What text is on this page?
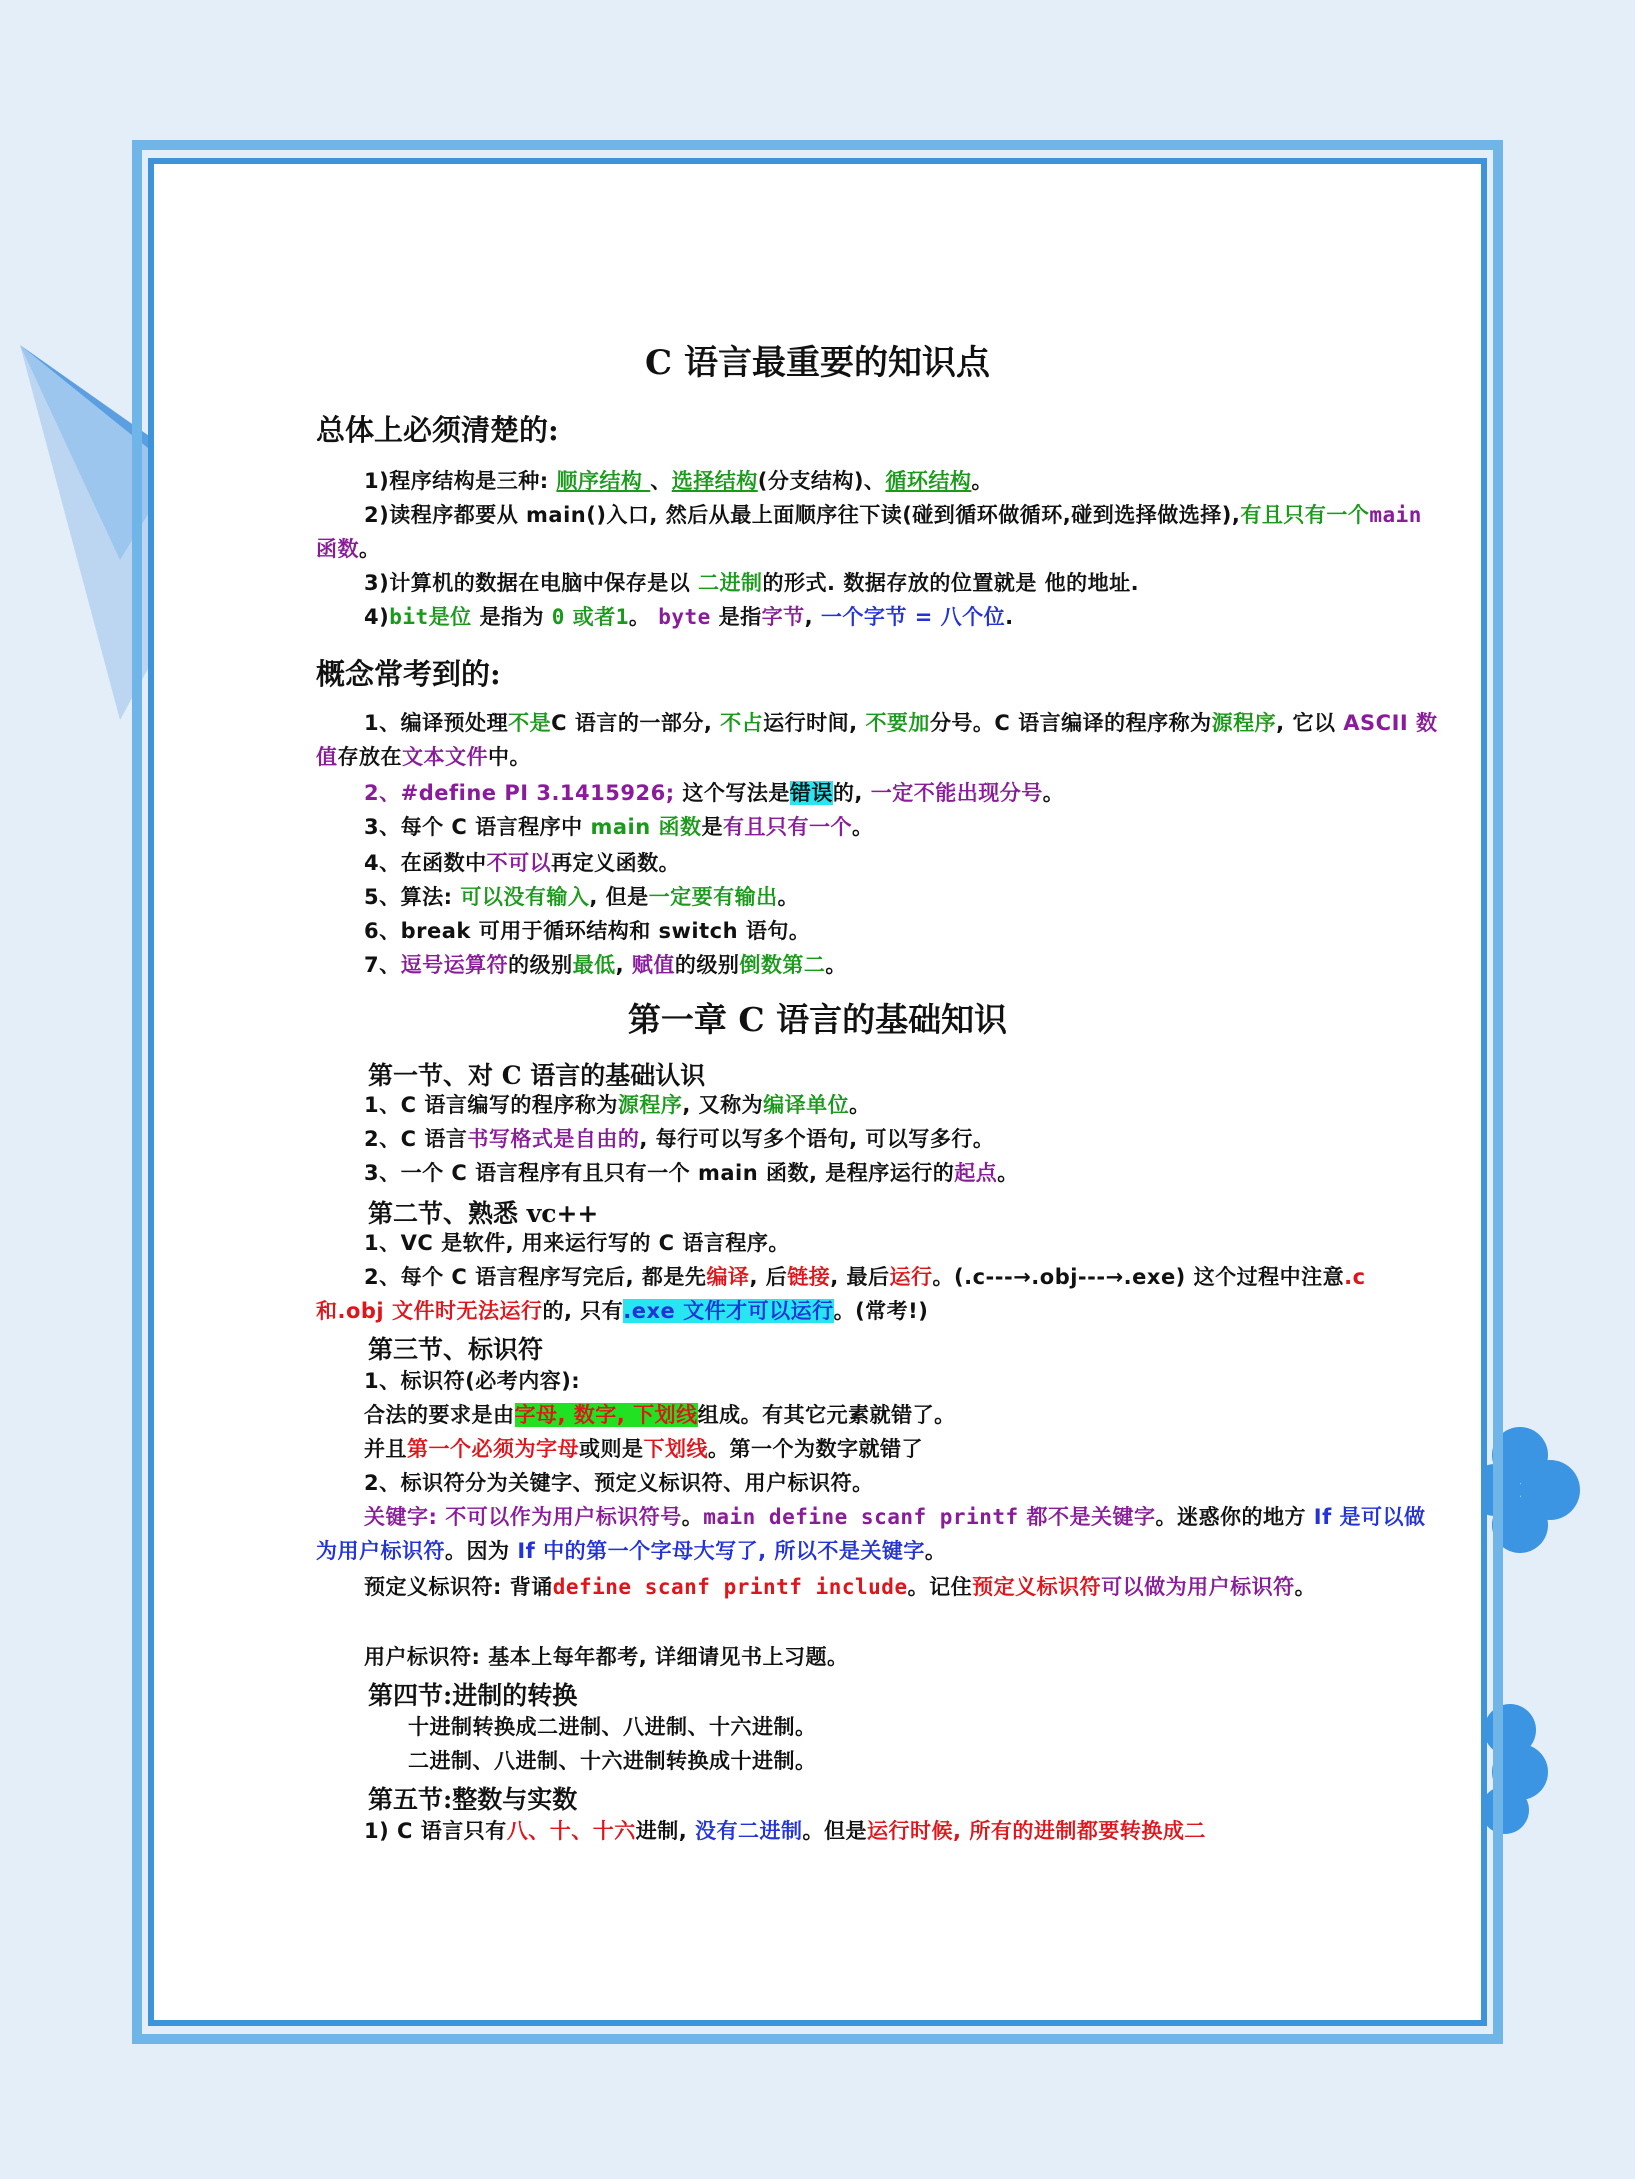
C 语言最重要的知识点
总体上必须清楚的:
1)程序结构是三种: 顺序结构 、选择结构(分支结构)、循环结构。
2)读程序都要从 main()入口, 然后从最上面顺序往下读(碰到循环做循环,碰到选择做选择),有且只有一个main函数。
3)计算机的数据在电脑中保存是以 二进制的形式. 数据存放的位置就是 他的地址.
4)bit是位 是指为 0 或者1。 byte 是指字节, 一个字节 = 八个位.
概念常考到的:
1、编译预处理不是C 语言的一部分, 不占运行时间, 不要加分号。C 语言编译的程序称为源程序, 它以 ASCII 数值存放在文本文件中。
2、#define PI 3.1415926; 这个写法是错误的, 一定不能出现分号。
3、每个 C 语言程序中 main 函数是有且只有一个。
4、在函数中不可以再定义函数。
5、算法: 可以没有输入, 但是一定要有输出。
6、break 可用于循环结构和 switch 语句。
7、逗号运算符的级别最低, 赋值的级别倒数第二。
第一章 C 语言的基础知识
第一节、对 C 语言的基础认识
1、C 语言编写的程序称为源程序, 又称为编译单位。
2、C 语言书写格式是自由的, 每行可以写多个语句, 可以写多行。
3、一个 C 语言程序有且只有一个 main 函数, 是程序运行的起点。
第二节、熟悉 vc++
1、VC 是软件, 用来运行写的 C 语言程序。
2、每个 C 语言程序写完后, 都是先编译, 后链接, 最后运行。(.c---→.obj---→.exe) 这个过程中注意.c 和.obj 文件时无法运行的, 只有.exe 文件才可以运行。(常考!)
第三节、标识符
1、标识符(必考内容):
合法的要求是由字母, 数字, 下划线组成。有其它元素就错了。
并且第一个必须为字母或则是下划线。第一个为数字就错了
2、标识符分为关键字、预定义标识符、用户标识符。
关键字: 不可以作为用户标识符号。main define scanf printf 都不是关键字。迷惑你的地方 If 是可以做为用户标识符。因为 If 中的第一个字母大写了, 所以不是关键字。
预定义标识符: 背诵define scanf printf include。记住预定义标识符可以做为用户标识符。
用户标识符: 基本上每年都考, 详细请见书上习题。
第四节:进制的转换
十进制转换成二进制、八进制、十六进制。
二进制、八进制、十六进制转换成十进制。
第五节:整数与实数
1) C 语言只有八、十、十六进制, 没有二进制。但是运行时候, 所有的进制都要转换成二
